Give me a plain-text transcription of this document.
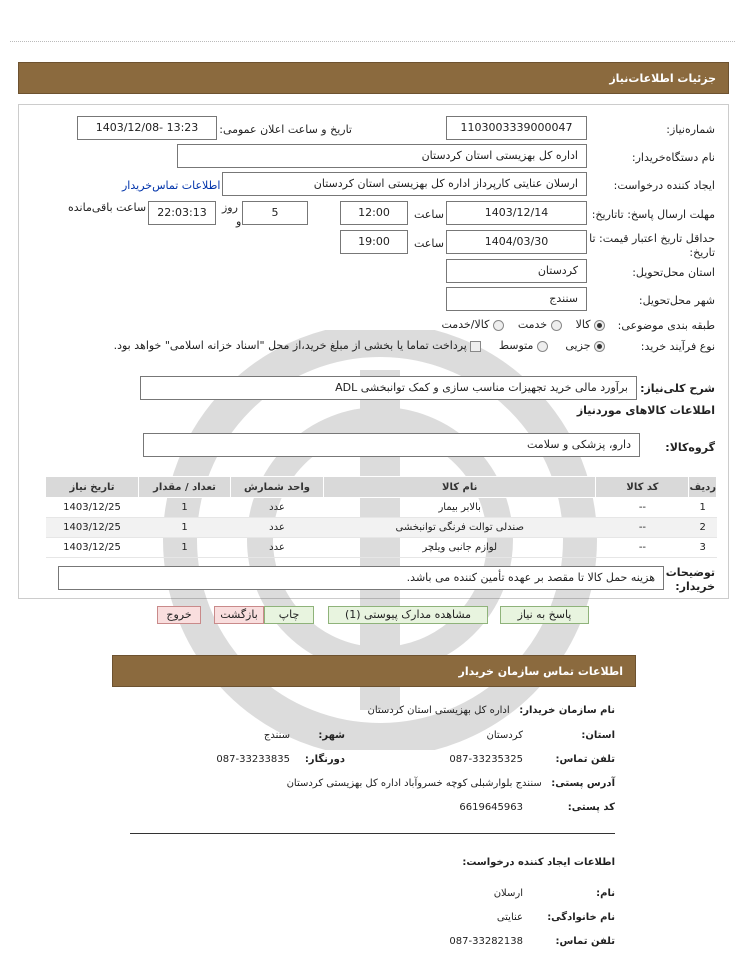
جزئیات اطلاعات‌نیاز
شماره‌نیاز:
1103003339000047
تاریخ و ساعت اعلان عمومی:
1403/12/08- 13:23
نام دستگاه‌خریدار:
اداره کل بهزیستی استان کردستان
ایجاد کننده درخواست:
ارسلان عنایتی کارپرداز اداره کل بهزیستی استان کردستان
اطلاعات تماس‌خریدار
مهلت ارسال پاسخ: تاتاریخ:
1403/12/14
ساعت
12:00
5
روز
و
22:03:13
ساعت باقی‌مانده
حداقل تاریخ اعتبار قیمت: تا تاریخ:
1404/03/30
ساعت
19:00
استان محل‌تحویل:
کردستان
شهر محل‌تحویل:
سنندج
طبقه بندی موضوعی:
کالا     خدمت     کالا/خدمت
نوع فرآیند خرید:
جزیی      متوسط      پرداخت تماما یا بخشی از مبلغ خرید،از محل "اسناد خزانه اسلامی" خواهد بود.
شرح کلی‌نیاز:
برآورد مالی خرید تجهیزات مناسب سازی و کمک توانبخشی ADL
اطلاعات کالاهای موردنیاز
گروه‌کالا:
دارو، پزشکی و سلامت
ردیف	کد کالا	نام کالا	واحد شمارش	تعداد / مقدار	تاریخ نیاز
1	--	بالابر بیمار	عدد	1	1403/12/25
2	--	صندلی توالت فرنگی توانبخشی	عدد	1	1403/12/25
3	--	لوازم جانبی ویلچر	عدد	1	1403/12/25
توضیحات خریدار:
هزینه حمل کالا تا مقصد بر عهده تأمین کننده می باشد.
پاسخ به نیاز
مشاهده مدارک پیوستی (1)
چاپ
بازگشت
خروج
اطلاعات تماس سازمان خریدار
نام سازمان خریدار:   اداره کل بهزیستی استان کردستان
استان:
کردستان
شهر:
سنندج
تلفن تماس:
087-33235325
دورنگار:
087-33233835
آدرس پستی:   سنندج بلوارشبلی کوچه خسروآباد اداره کل بهزیستی کردستان
کد پستی:
6619645963
اطلاعات ایجاد کننده درخواست:
نام:
ارسلان
نام خانوادگی:
عنایتی
تلفن تماس:
087-33282138
